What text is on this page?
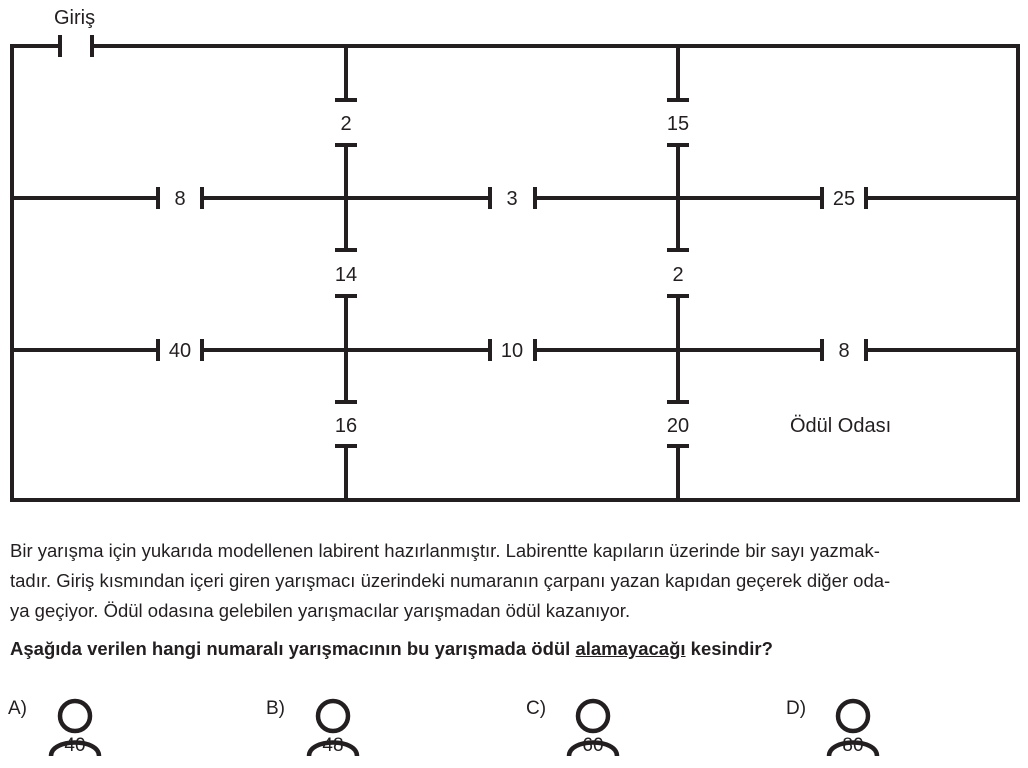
Giriş
2	15
8	3	25
14	2
40	10	8
16	20	Ödül Odası
Bir yarışma için yukarıda modellenen labirent hazırlanmıştır. Labirentte kapıların üzerinde bir sayı yazmak-
tadır. Giriş kısmından içeri giren yarışmacı üzerindeki numaranın çarpanı yazan kapıdan geçerek diğer oda-
ya geçiyor. Ödül odasına gelebilen yarışmacılar yarışmadan ödül kazanıyor.

Aşağıda verilen hangi numaralı yarışmacının bu yarışmada ödül alamayacağı kesindir?

A)
40
B)
48
C)
60
D)
80
